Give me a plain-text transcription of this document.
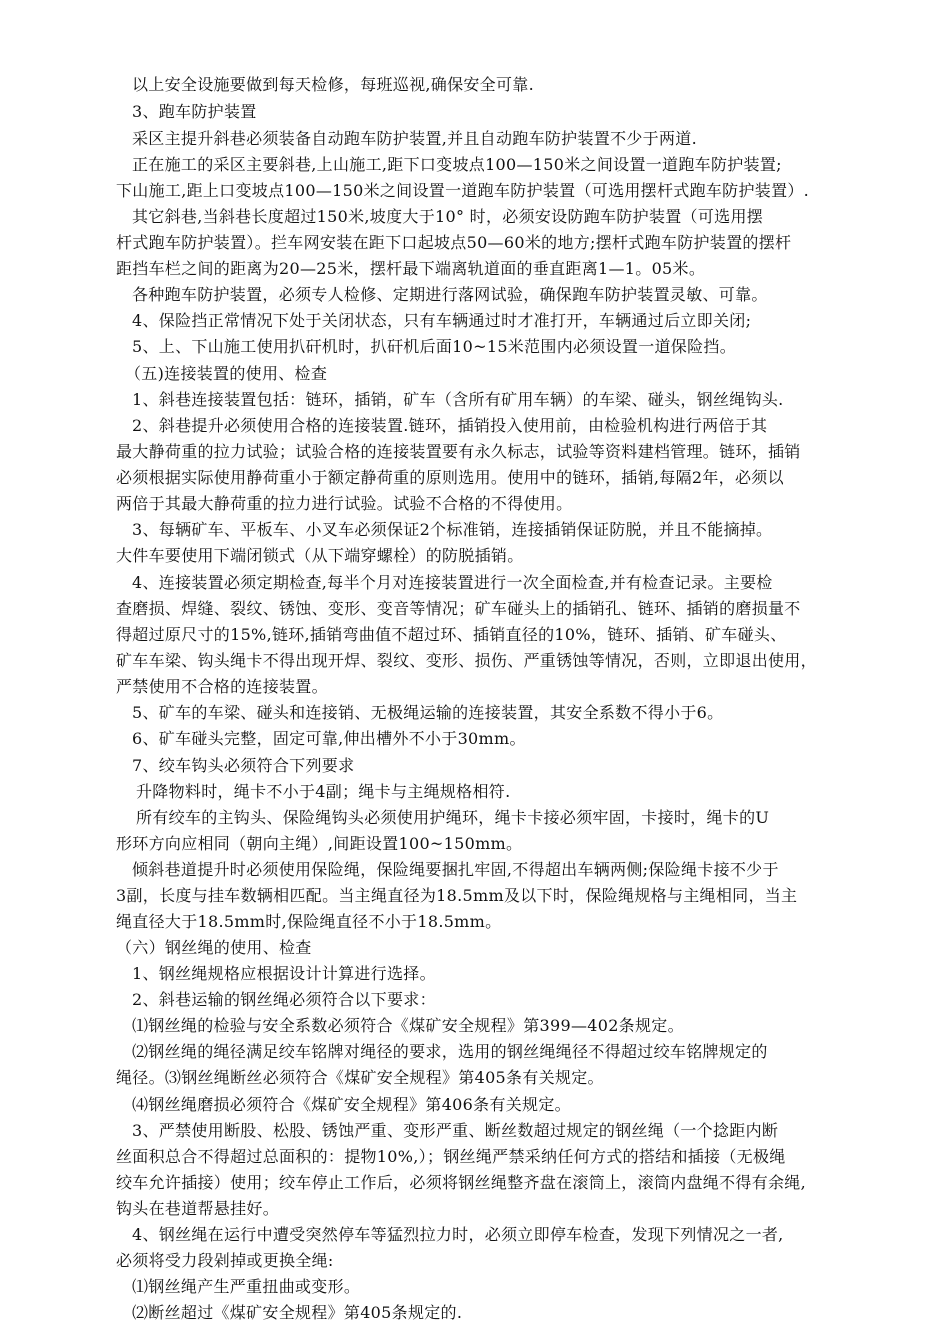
以上安全设施要做到每天检修，每班巡视,确保安全可靠.
3、跑车防护装置
采区主提升斜巷必须装备自动跑车防护装置,并且自动跑车防护装置不少于两道.
正在施工的采区主要斜巷,上山施工,距下口变坡点100—150米之间设置一道跑车防护装置;
下山施工,距上口变坡点100—150米之间设置一道跑车防护装置（可选用摆杆式跑车防护装置）.
其它斜巷,当斜巷长度超过150米,坡度大于10° 时，必须安设防跑车防护装置（可选用摆
杆式跑车防护装置）。拦车网安装在距下口起坡点50—60米的地方;摆杆式跑车防护装置的摆杆
距挡车栏之间的距离为20—25米，摆杆最下端离轨道面的垂直距离1—1。05米。
各种跑车防护装置，必须专人检修、定期进行落网试验，确保跑车防护装置灵敏、可靠。
4、保险挡正常情况下处于关闭状态，只有车辆通过时才准打开，车辆通过后立即关闭;
5、上、下山施工使用扒矸机时，扒矸机后面10~15米范围内必须设置一道保险挡。
（五)连接装置的使用、检查
1、斜巷连接装置包括：链环，插销，矿车（含所有矿用车辆）的车梁、碰头，钢丝绳钩头.
2、斜巷提升必须使用合格的连接装置.链环，插销投入使用前，由检验机构进行两倍于其
最大静荷重的拉力试验；试验合格的连接装置要有永久标志，试验等资料建档管理。链环，插销
必须根据实际使用静荷重小于额定静荷重的原则选用。使用中的链环，插销,每隔2年，必须以
两倍于其最大静荷重的拉力进行试验。试验不合格的不得使用。
3、每辆矿车、平板车、小叉车必须保证2个标准销，连接插销保证防脱，并且不能摘掉。
大件车要使用下端闭锁式（从下端穿螺栓）的防脱插销。
4、连接装置必须定期检查,每半个月对连接装置进行一次全面检查,并有检查记录。主要检
查磨损、焊缝、裂纹、锈蚀、变形、变音等情况；矿车碰头上的插销孔、链环、插销的磨损量不
得超过原尺寸的15%,链环,插销弯曲值不超过环、插销直径的10%，链环、插销、矿车碰头、
矿车车梁、钩头绳卡不得出现开焊、裂纹、变形、损伤、严重锈蚀等情况，否则，立即退出使用，
严禁使用不合格的连接装置。
5、矿车的车梁、碰头和连接销、无极绳运输的连接装置，其安全系数不得小于6。
6、矿车碰头完整，固定可靠,伸出槽外不小于30mm。
7、绞车钩头必须符合下列要求
升降物料时，绳卡不小于4副；绳卡与主绳规格相符.
所有绞车的主钩头、保险绳钩头必须使用护绳环，绳卡卡接必须牢固，卡接时，绳卡的U
形环方向应相同（朝向主绳）,间距设置100~150mm。
倾斜巷道提升时必须使用保险绳，保险绳要捆扎牢固,不得超出车辆两侧;保险绳卡接不少于
3副，长度与挂车数辆相匹配。当主绳直径为18.5mm及以下时，保险绳规格与主绳相同，当主
绳直径大于18.5mm时,保险绳直径不小于18.5mm。
（六）钢丝绳的使用、检查
1、钢丝绳规格应根据设计计算进行选择。
2、斜巷运输的钢丝绳必须符合以下要求：
⑴钢丝绳的检验与安全系数必须符合《煤矿安全规程》第399—402条规定。
⑵钢丝绳的绳径满足绞车铭牌对绳径的要求，选用的钢丝绳绳径不得超过绞车铭牌规定的
绳径。⑶钢丝绳断丝必须符合《煤矿安全规程》第405条有关规定。
⑷钢丝绳磨损必须符合《煤矿安全规程》第406条有关规定。
3、严禁使用断股、松股、锈蚀严重、变形严重、断丝数超过规定的钢丝绳（一个捻距内断
丝面积总合不得超过总面积的：提物10%,）；钢丝绳严禁采纳任何方式的搭结和插接（无极绳
绞车允许插接）使用；绞车停止工作后，必须将钢丝绳整齐盘在滚筒上，滚筒内盘绳不得有余绳,
钩头在巷道帮悬挂好。
4、钢丝绳在运行中遭受突然停车等猛烈拉力时，必须立即停车检查，发现下列情况之一者,
必须将受力段剁掉或更换全绳:
⑴钢丝绳产生严重扭曲或变形。
⑵断丝超过《煤矿安全规程》第405条规定的.
